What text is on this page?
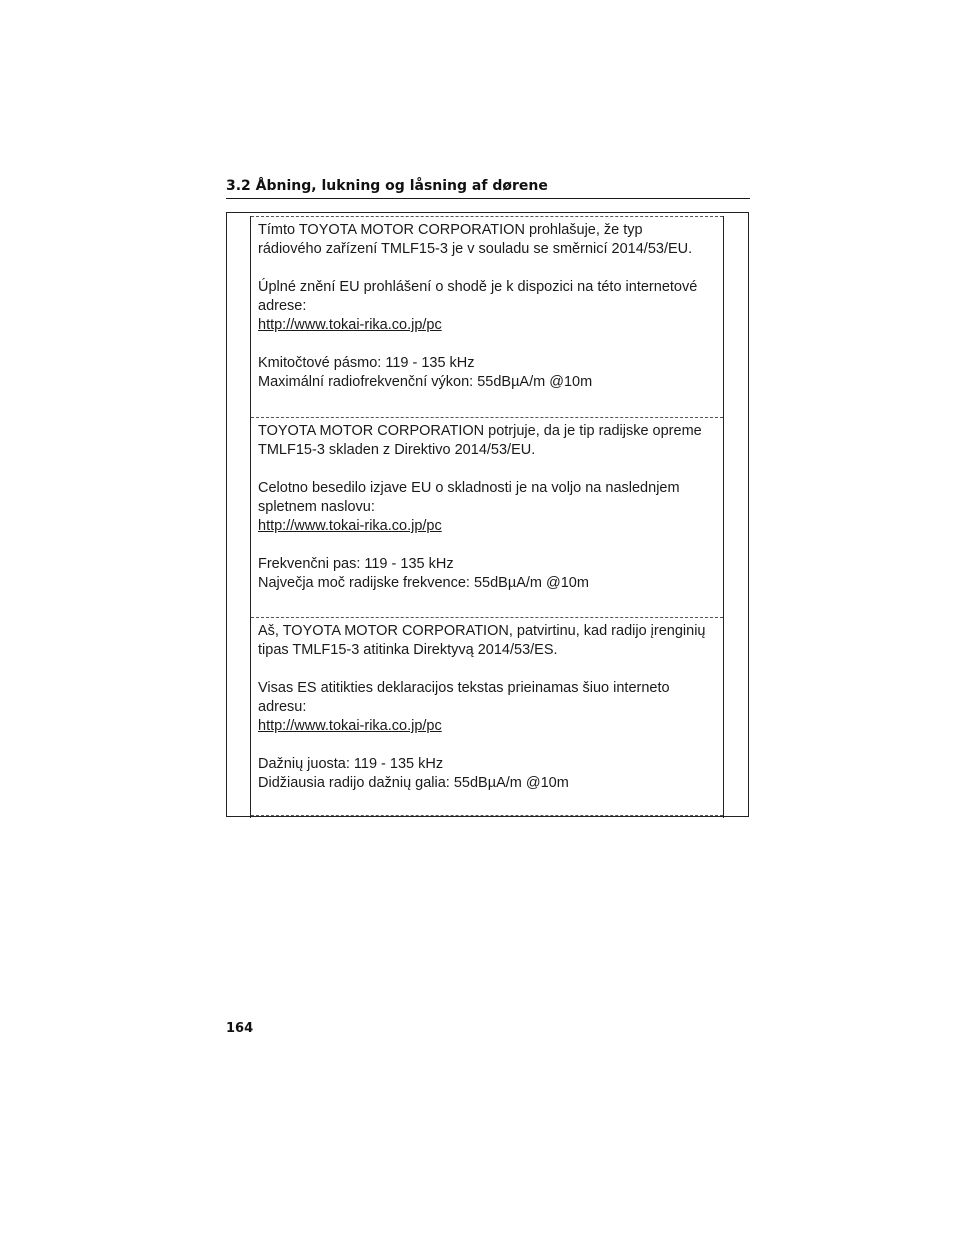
3.2 Åbning, lukning og låsning af dørene

Tímto TOYOTA MOTOR CORPORATION prohlašuje, že typ

rádiového zařízení TMLF15-3 je v souladu se směrnicí 2014/53/EU.

Úplné znění EU prohlášení o shodě je k dispozici na této internetové

adrese:

http://www.tokai-rika.co.jp/pc

Kmitočtové pásmo: 119 - 135 kHz

Maximální radiofrekvenční výkon: 55dBµA/m @10m

TOYOTA MOTOR CORPORATION potrjuje, da je tip radijske opreme

TMLF15-3 skladen z Direktivo 2014/53/EU.

Celotno besedilo izjave EU o skladnosti je na voljo na naslednjem

spletnem naslovu:

http://www.tokai-rika.co.jp/pc

Frekvenčni pas: 119 - 135 kHz

Največja moč radijske frekvence: 55dBµA/m @10m

Aš, TOYOTA MOTOR CORPORATION, patvirtinu, kad radijo įrenginių

tipas TMLF15-3 atitinka Direktyvą 2014/53/ES.

Visas ES atitikties deklaracijos tekstas prieinamas šiuo interneto

adresu:

http://www.tokai-rika.co.jp/pc

Dažnių juosta: 119 - 135 kHz

Didžiausia radijo dažnių galia: 55dBµA/m @10m

164
